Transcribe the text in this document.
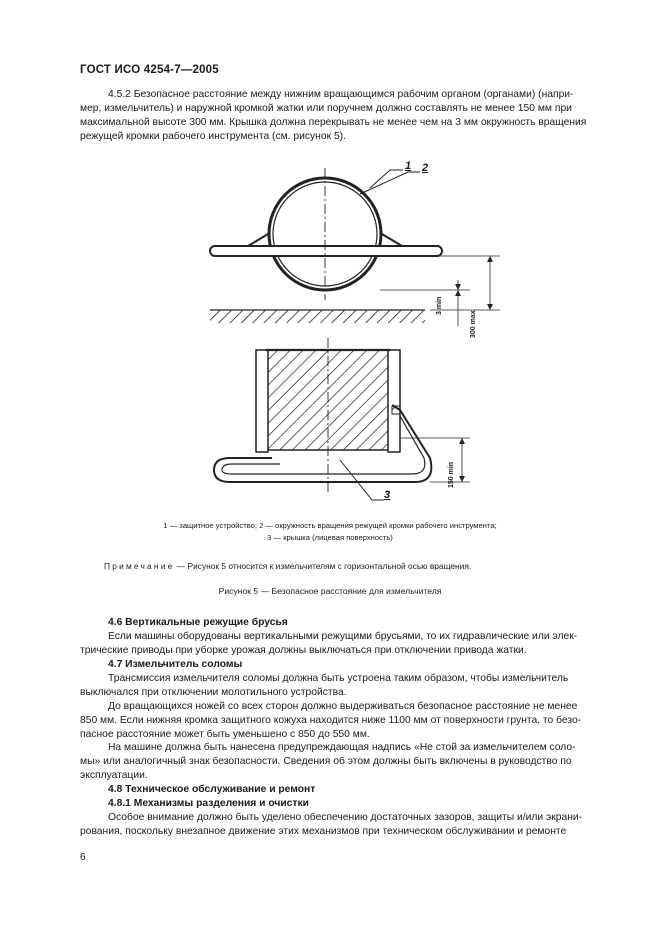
ГОСТ ИСО 4254-7—2005
4.5.2 Безопасное расстояние между нижним вращающимся рабочим органом (органами) (напри-
мер, измельчитель) и наружной кромкой жатки или поручнем должно составлять не менее 150 мм при
максимальной высоте 300 мм. Крышка должна перекрывать не менее чем на 3 мм окружность вращения
режущей кромки рабочего инструмента (см. рисунок 5).
1 2
3
3 min
300 max
150 min
1 — защитное устройство; 2 — окружность вращения режущей кромки рабочего инструмента;
3 — крышка (лицевая поверхность)
Примечание — Рисунок 5 относится к измельчителям с горизонтальной осью вращения.
Рисунок 5 — Безопасное расстояние для измельчителя
4.6 Вертикальные режущие брусья
Если машины оборудованы вертикальными режущими брусьями, то их гидравлические или элек-
трические приводы при уборке урожая должны выключаться при отключении привода жатки.
4.7 Измельчитель соломы
Трансмиссия измельчителя соломы должна быть устроена таким образом, чтобы измельчитель
выключался при отключении молотильного устройства.
До вращающихся ножей со всех сторон должно выдерживаться безопасное расстояние не менее
850 мм. Если нижняя кромка защитного кожуха находится ниже 1100 мм от поверхности грунта, то безо-
пасное расстояние может быть уменьшено с 850 до 550 мм.
На машине должна быть нанесена предупреждающая надпись «Не стой за измельчителем соло-
мы» или аналогичный знак безопасности. Сведения об этом должны быть включены в руководство по
эксплуатации.
4.8 Техническое обслуживание и ремонт
4.8.1 Механизмы разделения и очистки
Особое внимание должно быть уделено обеспечению достаточных зазоров, защиты и/или экрани-
рования, поскольку внезапное движение этих механизмов при техническом обслуживании и ремонте
6
